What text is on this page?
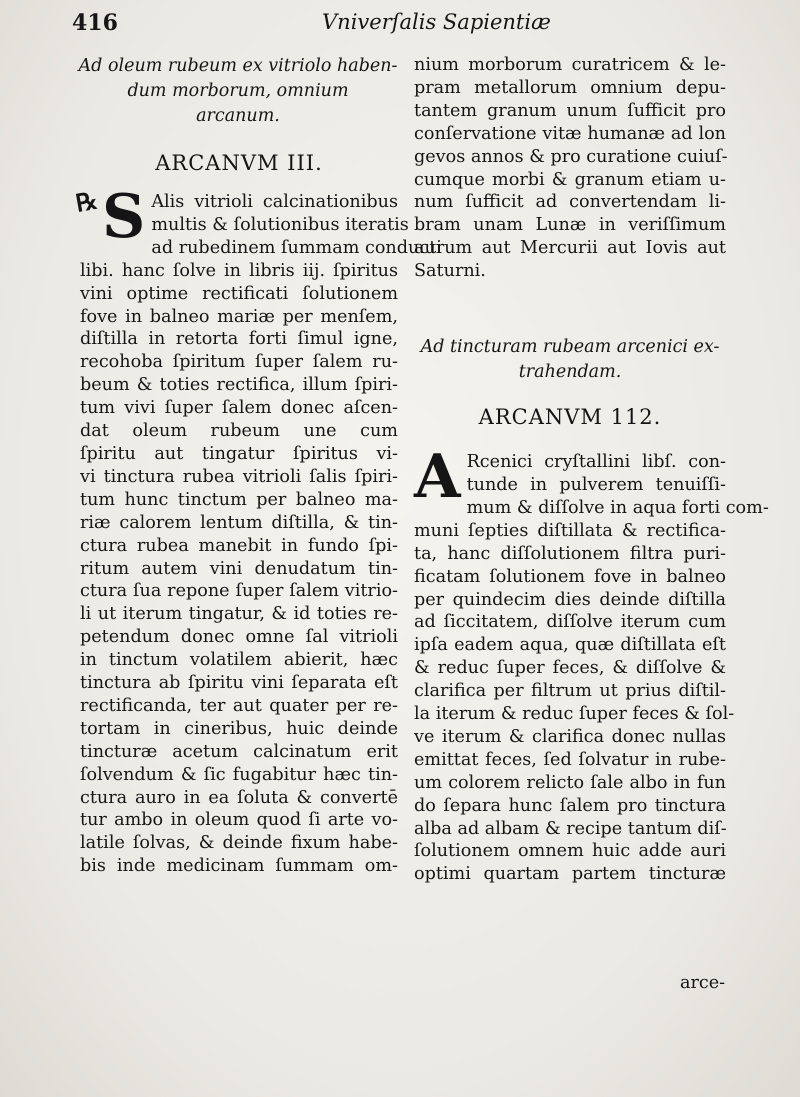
416	Vniverſalis Sapientiæ

Ad oleum rubeum ex vitriolo haben-

dum morborum, omnium

arcanum.

ARCANVM III.

℞ S Alis vitrioli calcinationibus
multis & ſolutionibus iteratis
ad rubedinem ſummam conducti
libi. hanc ſolve in libris iij. ſpiritus
vini optime rectificati ſolutionem
fove in balneo mariæ per menſem,
diſtilla in retorta forti ſimul igne,
recohoba ſpiritum ſuper ſalem ru-
beum & toties rectifica, illum ſpiri-
tum vivi ſuper ſalem donec aſcen-
dat oleum rubeum une cum
ſpiritu aut tingatur ſpiritus vi-
vi tinctura rubea vitrioli ſalis ſpiri-
tum hunc tinctum per balneo ma-
riæ calorem lentum diſtilla, & tin-
ctura rubea manebit in fundo ſpi-
ritum autem vini denudatum tin-
ctura ſua repone ſuper ſalem vitrio-
li ut iterum tingatur, & id toties re-
petendum donec omne ſal vitrioli
in tinctum volatilem abierit, hæc
tinctura ab ſpiritu vini ſeparata eſt
rectificanda, ter aut quater per re-
tortam in cineribus, huic deinde
tincturæ acetum calcinatum erit
ſolvendum & ſic fugabitur hæc tin-
ctura auro in ea ſoluta & convertē
tur ambo in oleum quod ſi arte vo-
latile ſolvas, & deinde fixum habe-
bis inde medicinam ſummam om-
nium morborum curatricem & le-
pram metallorum omnium depu-
tantem granum unum ſufficit pro
conſervatione vitæ humanæ ad lon
gevos annos & pro curatione cuiuſ-
cumque morbi & granum etiam u-
num ſufficit ad convertendam li-
bram unam Lunæ in veriſſimum
aurum aut Mercurii aut Iovis aut
Saturni.

Ad tincturam rubeam arcenici ex-

trahendam.

ARCANVM 112.

A Rcenici cryſtallini libſ. con-
tunde in pulverem tenuiſſi-
mum & diſſolve in aqua forti com-
muni ſepties diſtillata & rectifica-
ta, hanc diſſolutionem filtra puri-
ficatam ſolutionem fove in balneo
per quindecim dies deinde diſtilla
ad ſiccitatem, diſſolve iterum cum
ipſa eadem aqua, quæ diſtillata eſt
& reduc ſuper feces, & diſſolve &
clarifica per filtrum ut prius diſtil-
la iterum & reduc ſuper feces & ſol-
ve iterum & clarifica donec nullas
emittat feces, ſed ſolvatur in rube-
um colorem relicto ſale albo in fun
do ſepara hunc ſalem pro tinctura
alba ad albam & recipe tantum diſ-
ſolutionem omnem huic adde auri
optimi quartam partem tincturæ
arce-
